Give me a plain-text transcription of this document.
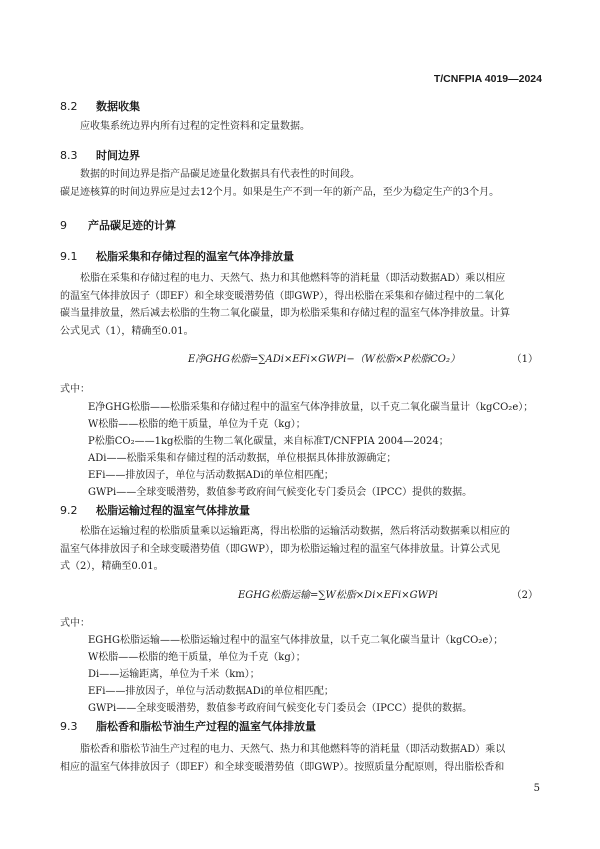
T/CNFPIA 4019—2024
8.2 数据收集
应收集系统边界内所有过程的定性资料和定量数据。
8.3 时间边界
数据的时间边界是指产品碳足迹量化数据具有代表性的时间段。
碳足迹核算的时间边界应是过去12个月。如果是生产不到一年的新产品，至少为稳定生产的3个月。
9 产品碳足迹的计算
9.1 松脂采集和存储过程的温室气体净排放量
松脂在采集和存储过程的电力、天然气、热力和其他燃料等的消耗量（即活动数据AD）乘以相应
的温室气体排放因子（即EF）和全球变暖潜势值（即GWP），得出松脂在采集和存储过程中的二氧化
碳当量排放量，然后减去松脂的生物二氧化碳量，即为松脂采集和存储过程的温室气体净排放量。计算
公式见式（1），精确至0.01。
E净GHG松脂=∑ADi×EFi×GWPi−（W松脂×P松脂CO₂）	（1）
式中：
E净GHG松脂——松脂采集和存储过程中的温室气体净排放量，以千克二氧化碳当量计（kgCO₂e）；
W松脂——松脂的绝干质量，单位为千克（kg）；
P松脂CO₂——1kg松脂的生物二氧化碳量，来自标准T/CNFPIA 2004—2024；
ADi——松脂采集和存储过程的活动数据，单位根据具体排放源确定；
EFi——排放因子，单位与活动数据ADi的单位相匹配；
GWPi——全球变暖潜势，数值参考政府间气候变化专门委员会（IPCC）提供的数据。
9.2 松脂运输过程的温室气体排放量
松脂在运输过程的松脂质量乘以运输距离，得出松脂的运输活动数据，然后将活动数据乘以相应的
温室气体排放因子和全球变暖潜势值（即GWP），即为松脂运输过程的温室气体排放量。计算公式见
式（2），精确至0.01。
EGHG松脂运输=∑W松脂×Di×EFi×GWPi	（2）
式中：
EGHG松脂运输——松脂运输过程中的温室气体排放量，以千克二氧化碳当量计（kgCO₂e）；
W松脂——松脂的绝干质量，单位为千克（kg）；
Di——运输距离，单位为千米（km）；
EFi——排放因子，单位与活动数据ADi的单位相匹配；
GWPi——全球变暖潜势，数值参考政府间气候变化专门委员会（IPCC）提供的数据。
9.3 脂松香和脂松节油生产过程的温室气体排放量
脂松香和脂松节油生产过程的电力、天然气、热力和其他燃料等的消耗量（即活动数据AD）乘以
相应的温室气体排放因子（即EF）和全球变暖潜势值（即GWP）。按照质量分配原则，得出脂松香和
5
